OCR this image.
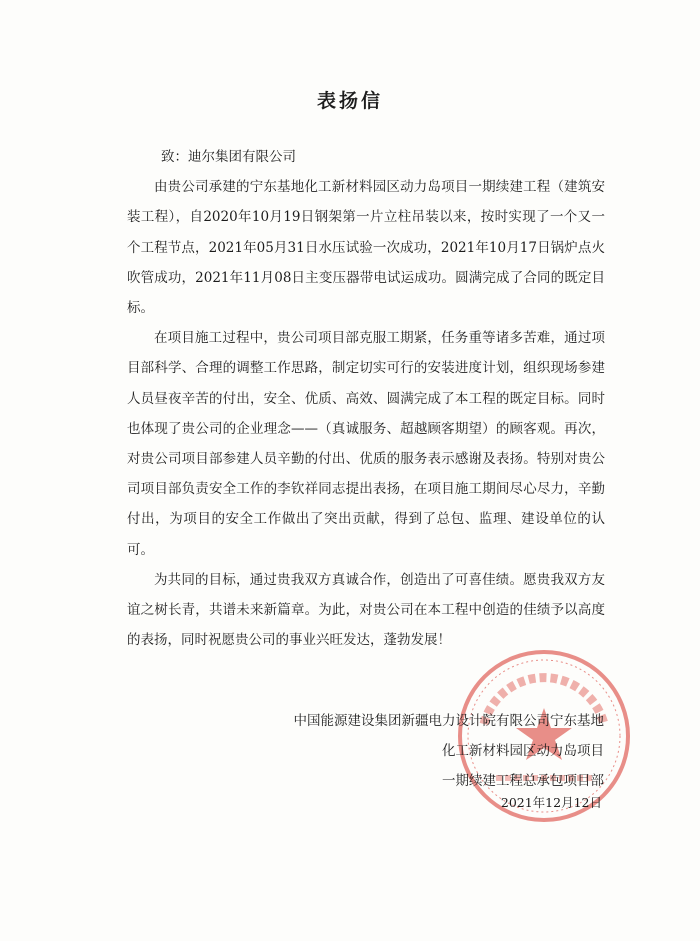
表扬信

致：迪尔集团有限公司

由贵公司承建的宁东基地化工新材料园区动力岛项目一期续建工程（建筑安装工程），自2020年10月19日钢架第一片立柱吊装以来，按时实现了一个又一个工程节点，2021年05月31日水压试验一次成功，2021年10月17日锅炉点火吹管成功，2021年11月08日主变压器带电试运成功。圆满完成了合同的既定目标。

在项目施工过程中，贵公司项目部克服工期紧，任务重等诸多苦难，通过项目部科学、合理的调整工作思路，制定切实可行的安装进度计划，组织现场参建人员昼夜辛苦的付出，安全、优质、高效、圆满完成了本工程的既定目标。同时也体现了贵公司的企业理念——（真诚服务、超越顾客期望）的顾客观。再次，对贵公司项目部参建人员辛勤的付出、优质的服务表示感谢及表扬。特别对贵公司项目部负责安全工作的李钦祥同志提出表扬，在项目施工期间尽心尽力，辛勤付出，为项目的安全工作做出了突出贡献，得到了总包、监理、建设单位的认可。

为共同的目标，通过贵我双方真诚合作，创造出了可喜佳绩。愿贵我双方友谊之树长青，共谱未来新篇章。为此，对贵公司在本工程中创造的佳绩予以高度的表扬，同时祝愿贵公司的事业兴旺发达，蓬勃发展！

中国能源建设集团新疆电力设计院有限公司宁东基地
化工新材料园区动力岛项目
一期续建工程总承包项目部
2021年12月12日
